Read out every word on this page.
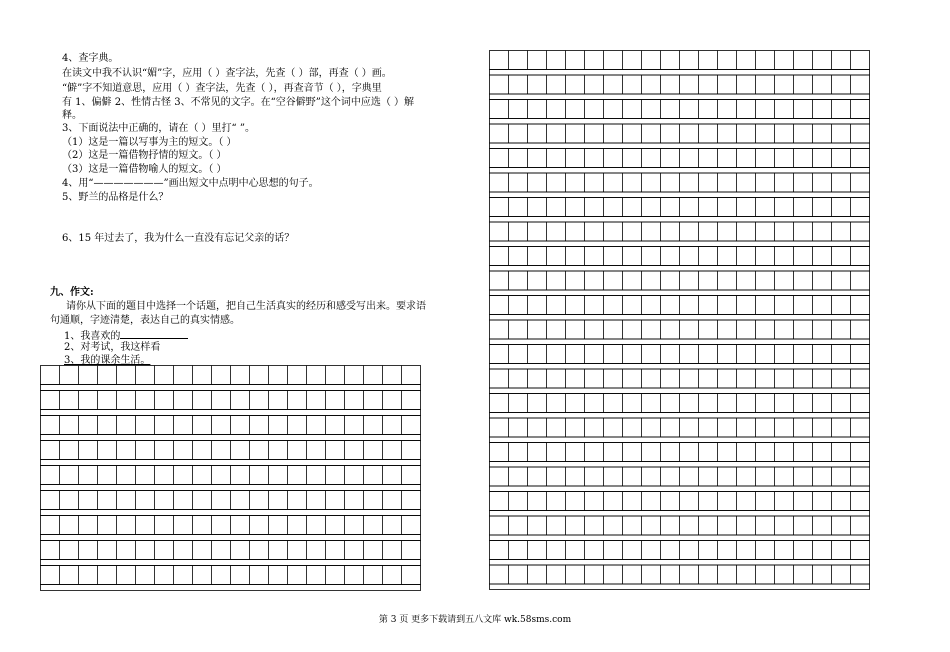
4、查字典。
在读文中我不认识“媚”字，应用（ ）查字法，先查（ ）部，再查（ ）画。
“僻”字不知道意思，应用（ ）查字法，先查（ ），再查音节（ ），字典里
有 1、偏僻 2、性情古怪 3、不常见的文字。在“空谷僻野”这个词中应选（ ）解
释。
3、下面说法中正确的，请在（ ）里打“ ”。
（1）这是一篇以写事为主的短文。（ ）
（2）这是一篇借物抒情的短文。（ ）
（3）这是一篇借物喻人的短文。（ ）
4、用“———————”画出短文中点明中心思想的句子。
5、野兰的品格是什么？
6、15 年过去了，我为什么一直没有忘记父亲的话？
九、作文:
请你从下面的题目中选择一个话题，把自己生活真实的经历和感受写出来。要求语
句通顺，字迹清楚，表达自己的真实情感。
1、我喜欢的
2、对考试，我这样看
3、我的课余生活。
第 3 页 更多下载请到五八文库 wk.58sms.com
